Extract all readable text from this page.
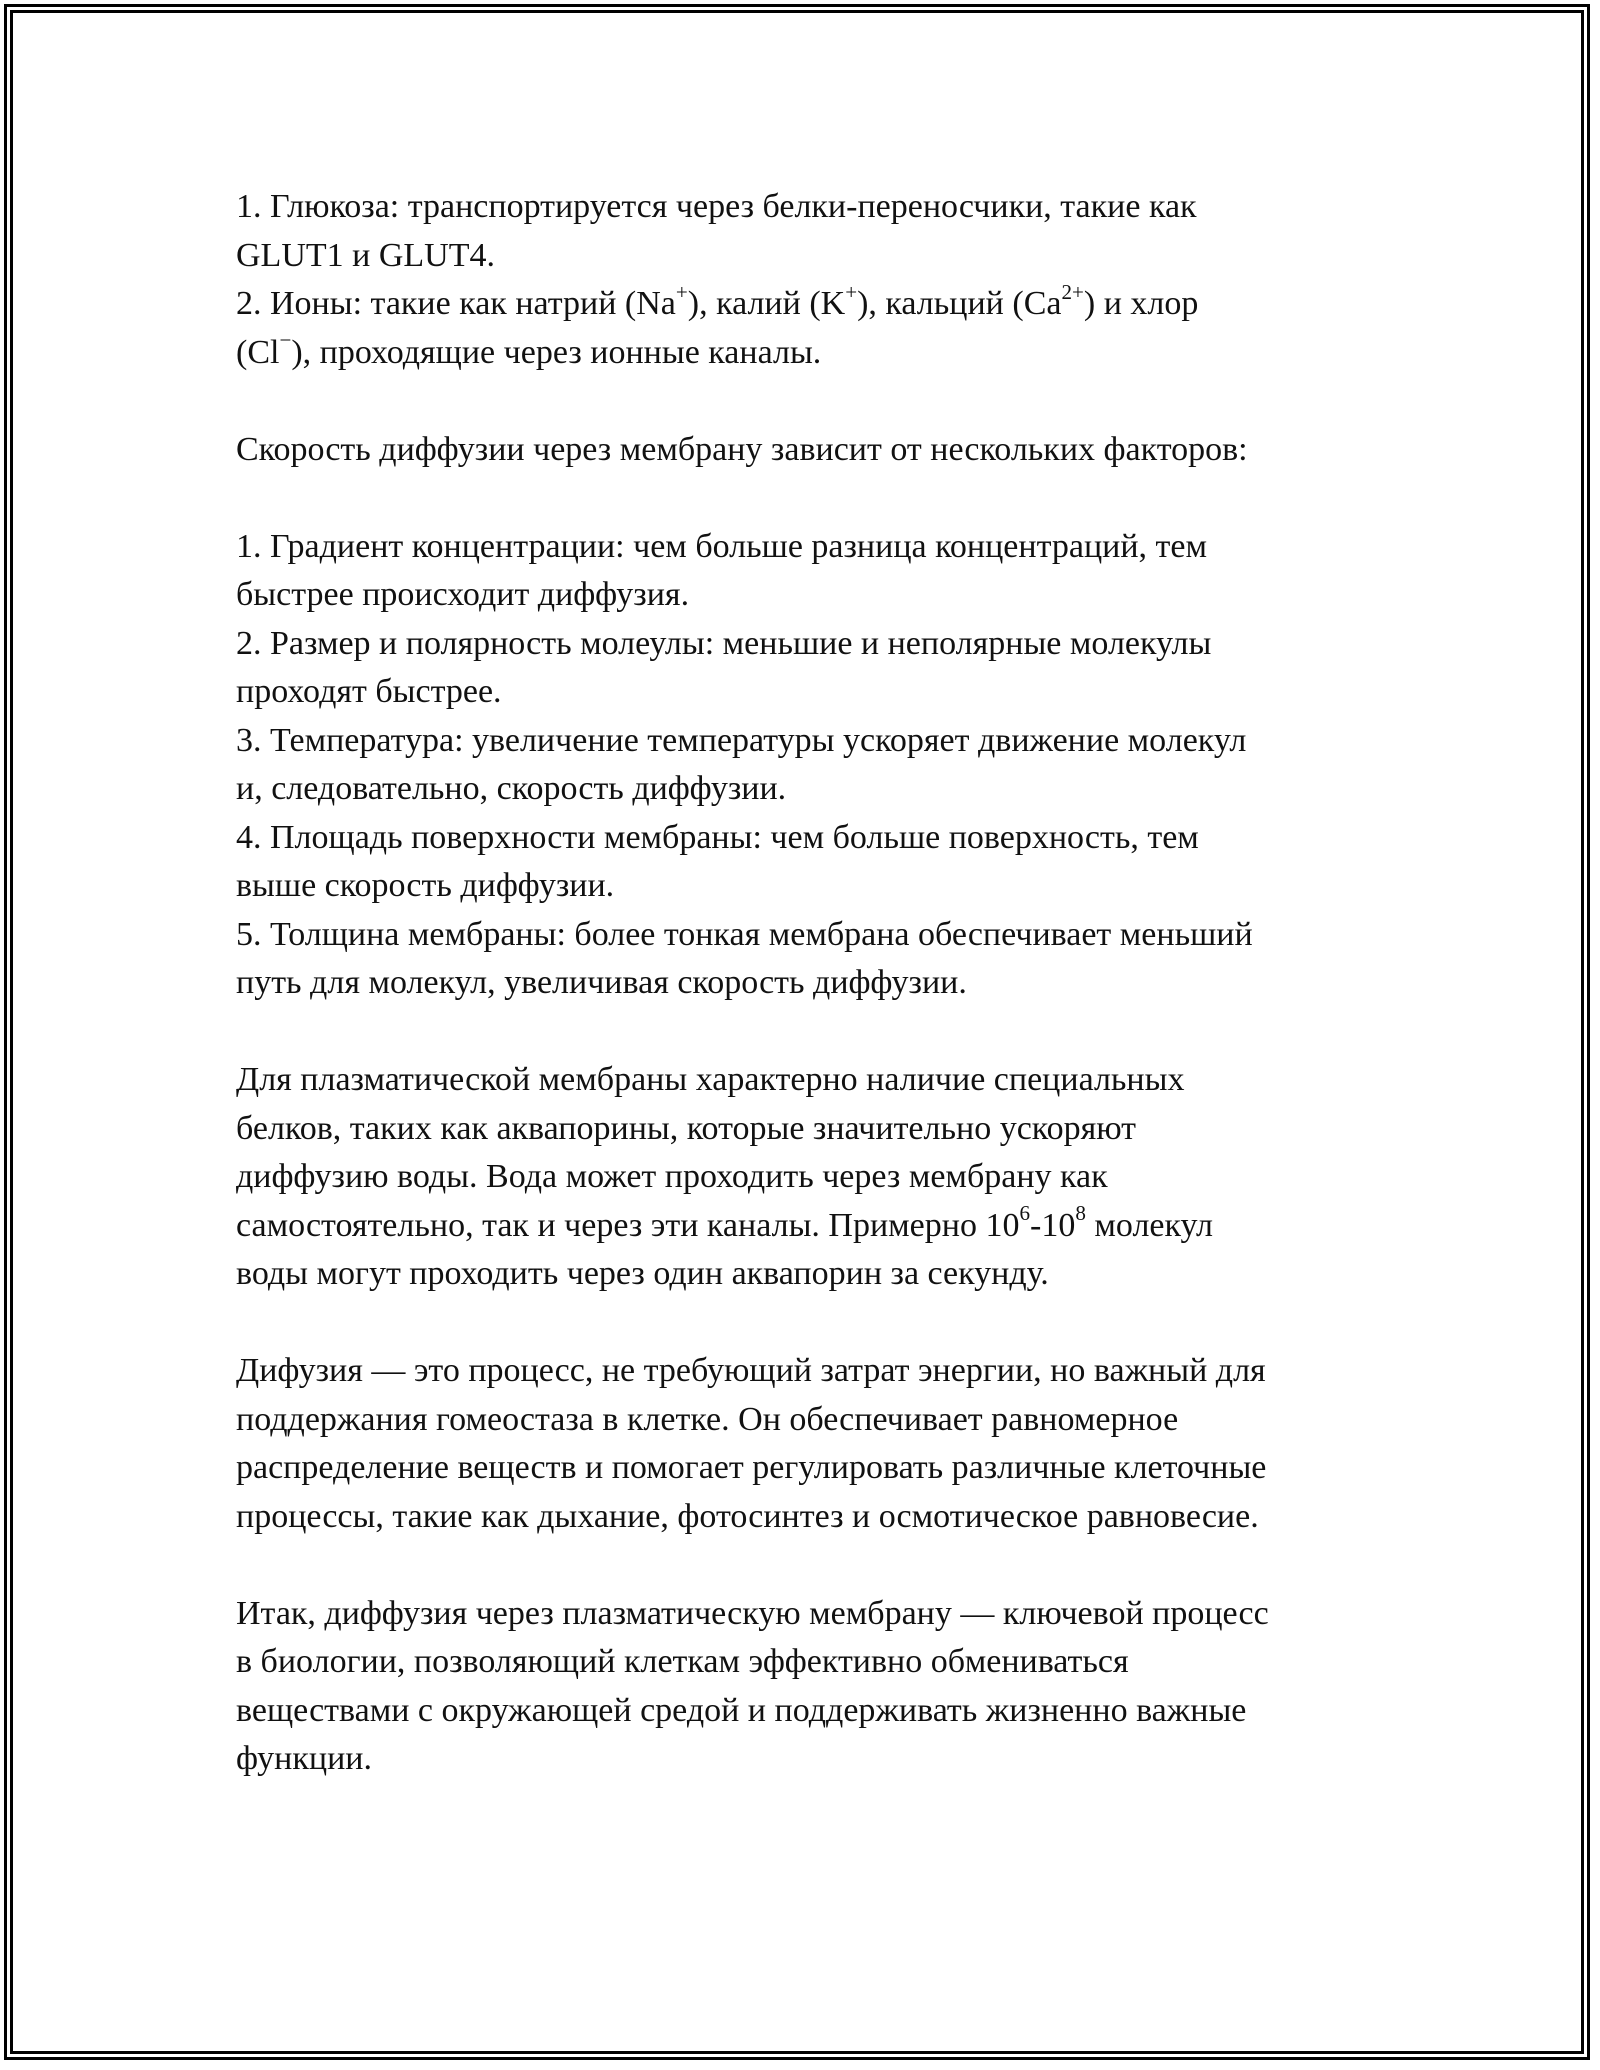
1. Глюкоза: транспортируется через белки-переносчики, такие как
GLUT1 и GLUT4.
2. Ионы: такие как натрий (Na+), калий (K+), кальций $(Ca^{2+})$ и хлор
(Cl−), проходящие через ионные каналы.
Скорость диффузии через мембрану зависит от нескольких факторов:
1. Градиент концентрации: чем больше разница концентраций, тем
быстрее происходит диффузия.
2. Размер и полярность молеулы: меньшие и неполярные молекулы
проходят быстрее.
3. Температура: увеличение температуры ускоряет движение молекул
и, следовательно, скорость диффузии.
4. Площадь поверхности мембраны: чем больше поверхность, тем
выше скорость диффузии.
5. Толщина мембраны: более тонкая мембрана обеспечивает меньший
путь для молекул, увеличивая скорость диффузии.
Для плазматической мембраны характерно наличие специальных
белков, таких как аквапорины, которые значительно ускоряют
диффузию воды. Вода может проходить через мембрану как
самостоятельно, так и через эти каналы. Примерно $10^6-10^8$ молекул
воды могут проходить через один аквапорин за секунду.
Дифузия — это процесс, не требующий затрат энергии, но важный для
поддержания гомеостаза в клетке. Он обеспечивает равномерное
распределение веществ и помогает регулировать различные клеточные
процессы, такие как дыхание, фотосинтез и осмотическое равновесие.
Итак, диффузия через плазматическую мембрану — ключевой процесс
в биологии, позволяющий клеткам эффективно обмениваться
веществами с окружающей средой и поддерживать жизненно важные
функции.
